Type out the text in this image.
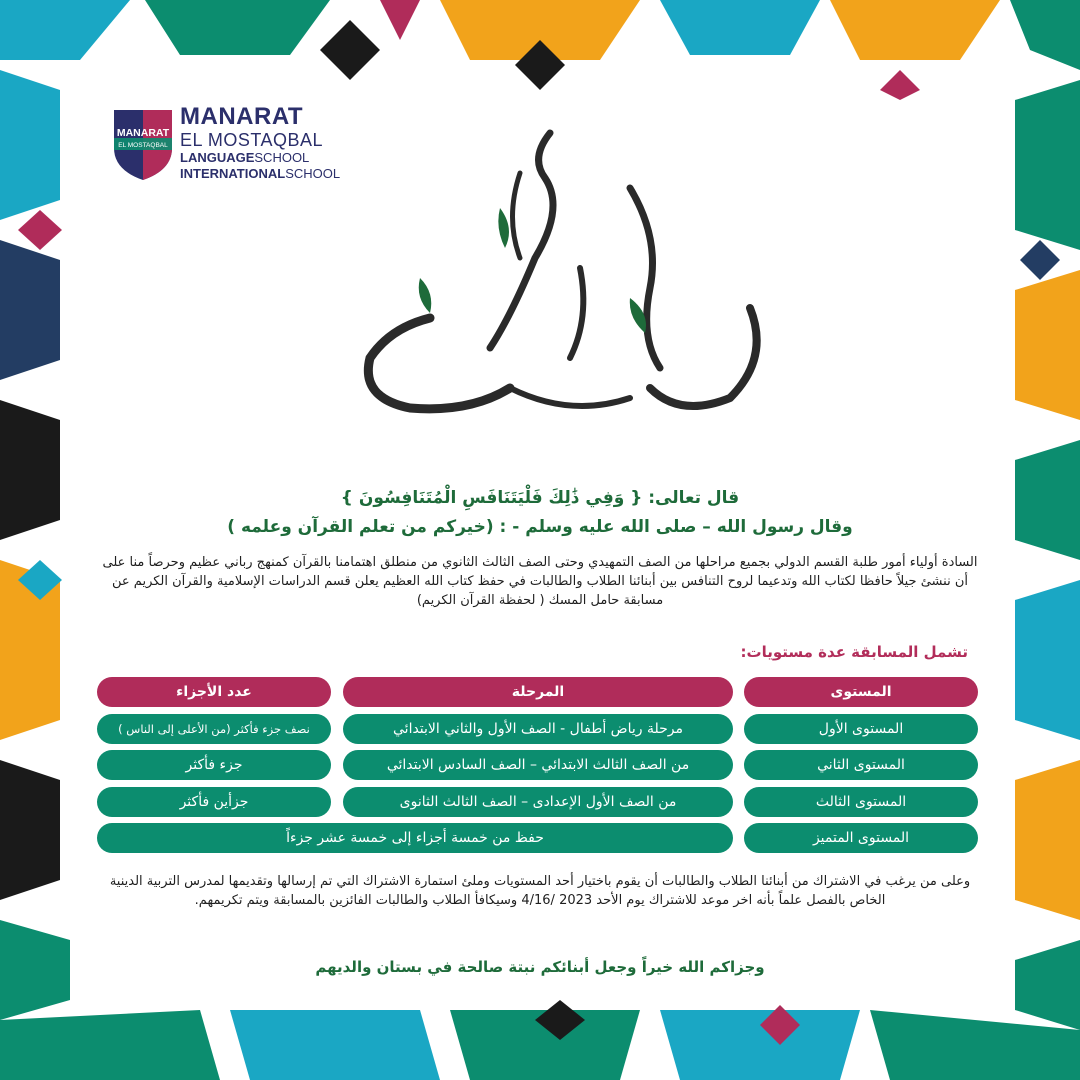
MANARAT
EL MOSTAQBAL
MANARAT
EL MOSTAQBAL
LANGUAGESCHOOL
INTERNATIONALSCHOOL
قال تعالى: { وَفِي ذَٰلِكَ فَلْيَتَنَافَسِ الْمُتَنَافِسُونَ }
وقال رسول الله – صلى الله عليه وسلم - : (خيركم من تعلم القرآن وعلمه )
السادة أولياء أمور طلبة القسم الدولي بجميع مراحلها من الصف التمهيدي وحتى الصف الثالث الثانوي من منطلق اهتمامنا بالقرآن كمنهج رباني عظيم وحرصاً منا على أن ننشئ جيلاً حافظا لكتاب الله وتدعيما لروح التنافس بين أبنائنا الطلاب والطالبات في حفظ كتاب الله العظيم يعلن قسم الدراسات الإسلامية والقرآن الكريم عن مسابقة حامل المسك ( لحفظة القرآن الكريم)
تشمل المسابقة عدة مستويات:
المستوى
المرحلة
عدد الأجزاء
المستوى الأول
مرحلة رياض أطفال - الصف الأول والثاني الابتدائي
نصف جزء فأكثر (من الأعلى إلى الناس )
المستوى الثاني
من الصف الثالث الابتدائي – الصف السادس الابتدائي
جزء فأكثر
المستوى الثالث
من الصف الأول الإعدادى – الصف الثالث الثانوى
جزأين فأكثر
المستوى المتميز
حفظ من خمسة أجزاء إلى خمسة عشر جزءاً
وعلى من يرغب في الاشتراك من أبنائنا الطلاب والطالبات أن يقوم باختيار أحد المستويات وملئ استمارة الاشتراك التي تم إرسالها وتقديمها لمدرس التربية الدينية الخاص بالفصل علماً بأنه اخر موعد للاشتراك يوم الأحد 2023 /4/16 وسيكافأ الطلاب والطالبات الفائزين بالمسابقة ويتم تكريمهم.
وجزاكم الله خيراً وجعل أبنائكم نبتة صالحة في بستان والديهم
